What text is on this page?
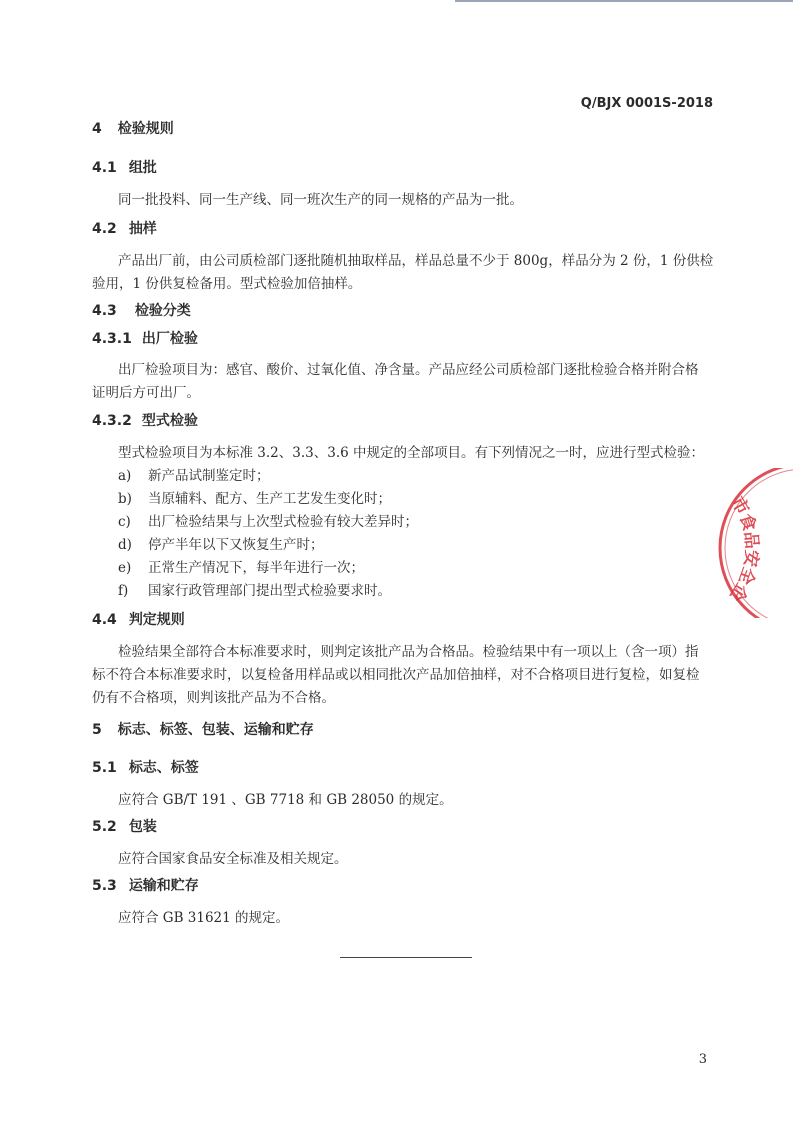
Q/BJX 0001S-2018
4 检验规则
4.1 组批
同一批投料、同一生产线、同一班次生产的同一规格的产品为一批。
4.2 抽样
产品出厂前，由公司质检部门逐批随机抽取样品，样品总量不少于 800g，样品分为 2 份，1 份供检
验用，1 份供复检备用。型式检验加倍抽样。
4.3 检验分类
4.3.1 出厂检验
出厂检验项目为：感官、酸价、过氧化值、净含量。产品应经公司质检部门逐批检验合格并附合格
证明后方可出厂。
4.3.2 型式检验
型式检验项目为本标准 3.2、3.3、3.6 中规定的全部项目。有下列情况之一时，应进行型式检验：
a) 新产品试制鉴定时；
b) 当原辅料、配方、生产工艺发生变化时；
c) 出厂检验结果与上次型式检验有较大差异时；
d) 停产半年以下又恢复生产时；
e) 正常生产情况下，每半年进行一次；
f) 国家行政管理部门提出型式检验要求时。
4.4 判定规则
检验结果全部符合本标准要求时，则判定该批产品为合格品。检验结果中有一项以上（含一项）指
标不符合本标准要求时，以复检备用样品或以相同批次产品加倍抽样，对不合格项目进行复检，如复检
仍有不合格项，则判该批产品为不合格。
5 标志、标签、包装、运输和贮存
5.1 标志、标签
应符合 GB/T 191 、GB 7718 和 GB 28050 的规定。
5.2 包装
应符合国家食品安全标准及相关规定。
5.3 运输和贮存
应符合 GB 31621 的规定。
3
市食品安全企
